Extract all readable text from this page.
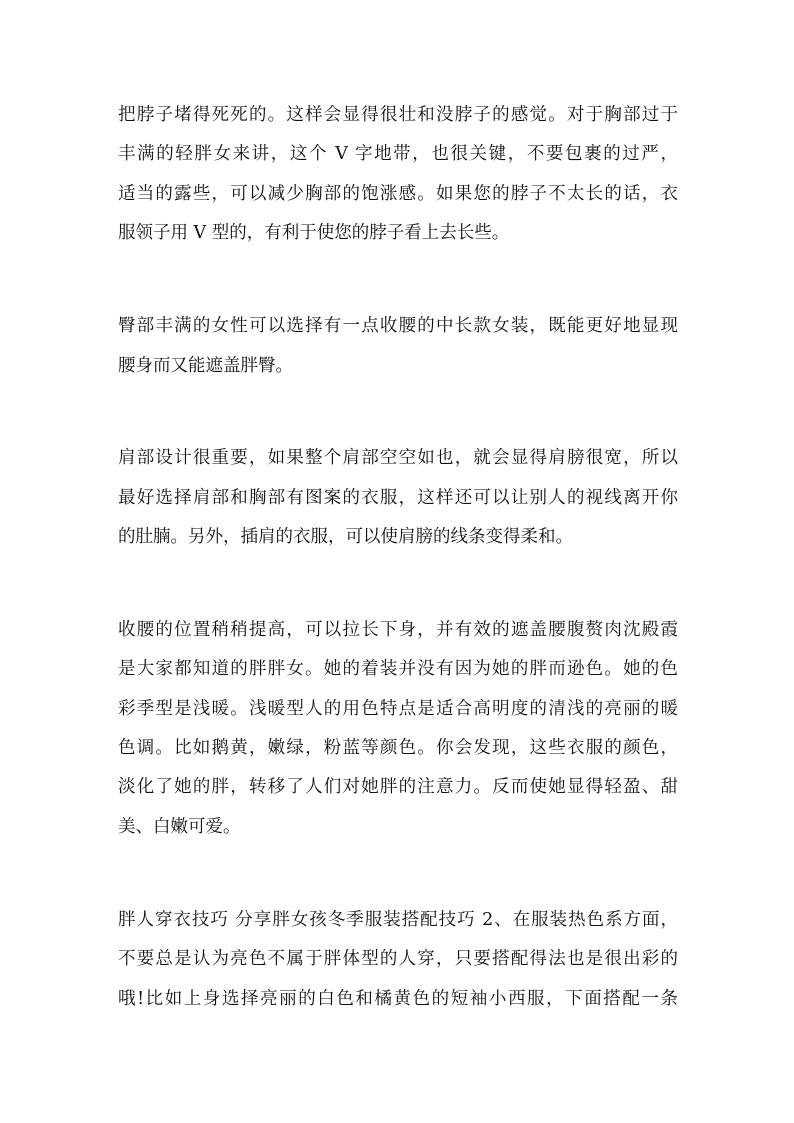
把脖子堵得死死的。这样会显得很壮和没脖子的感觉。对于胸部过于
丰满的轻胖女来讲，这个 V 字地带，也很关键，不要包裹的过严，
适当的露些，可以减少胸部的饱涨感。如果您的脖子不太长的话，衣
服领子用 V 型的，有利于使您的脖子看上去长些。
臀部丰满的女性可以选择有一点收腰的中长款女装，既能更好地显现
腰身而又能遮盖胖臀。
肩部设计很重要，如果整个肩部空空如也，就会显得肩膀很宽，所以
最好选择肩部和胸部有图案的衣服，这样还可以让别人的视线离开你
的肚腩。另外，插肩的衣服，可以使肩膀的线条变得柔和。
收腰的位置稍稍提高，可以拉长下身，并有效的遮盖腰腹赘肉沈殿霞
是大家都知道的胖胖女。她的着装并没有因为她的胖而逊色。她的色
彩季型是浅暖。浅暖型人的用色特点是适合高明度的清浅的亮丽的暖
色调。比如鹅黄，嫩绿，粉蓝等颜色。你会发现，这些衣服的颜色，
淡化了她的胖，转移了人们对她胖的注意力。反而使她显得轻盈、甜
美、白嫩可爱。
胖人穿衣技巧 分享胖女孩冬季服装搭配技巧 2、在服装热色系方面，
不要总是认为亮色不属于胖体型的人穿，只要搭配得法也是很出彩的
哦!比如上身选择亮丽的白色和橘黄色的短袖小西服，下面搭配一条
